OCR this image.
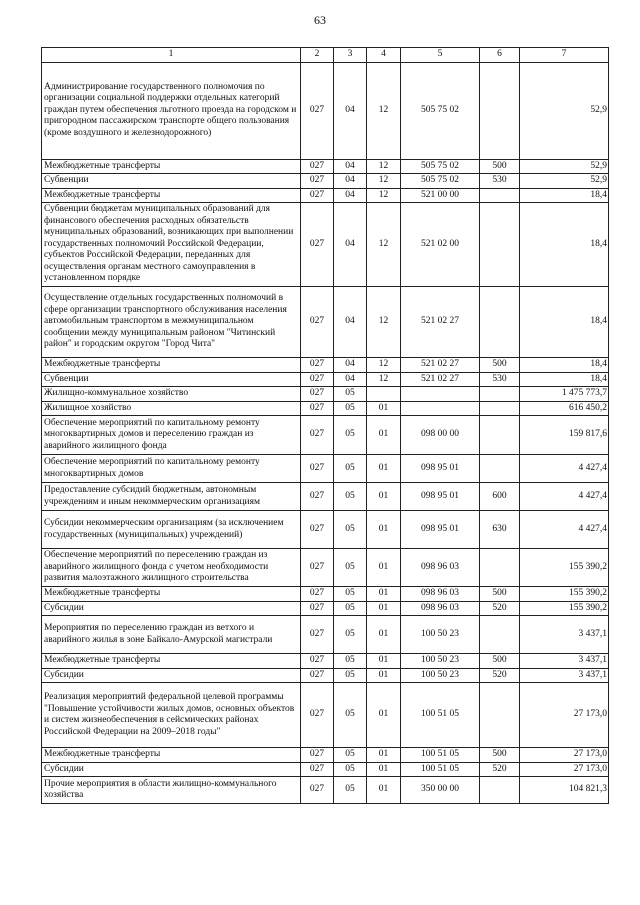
63
1	2	3	4	5	6	7
Администрирование государственного полномочия по организации социальной поддержки отдельных категорий граждан путем обеспечения льготного проезда на городском и пригородном пассажирском транспорте общего пользования (кроме воздушного и железнодорожного)	027	04	12	505 75 02		52,9
Межбюджетные трансферты	027	04	12	505 75 02	500	52,9
Субвенции	027	04	12	505 75 02	530	52,9
Межбюджетные трансферты	027	04	12	521 00 00		18,4
Субвенции бюджетам муниципальных образований для финансового обеспечения расходных обязательств муниципальных образований, возникающих при выполнении государственных полномочий Российской Федерации, субъектов Российской Федерации, переданных для осуществления органам местного самоуправления в установленном порядке	027	04	12	521 02 00		18,4
Осуществление отдельных государственных полномочий в сфере организации транспортного обслуживания населения автомобильным транспортом в межмуниципальном сообщении между муниципальным районом "Читинский район" и городским округом "Город Чита"	027	04	12	521 02 27		18,4
Межбюджетные трансферты	027	04	12	521 02 27	500	18,4
Субвенции	027	04	12	521 02 27	530	18,4
Жилищно-коммунальное хозяйство	027	05				1 475 773,7
Жилищное хозяйство	027	05	01			616 450,2
Обеспечение мероприятий по капитальному ремонту многоквартирных домов и переселению граждан из аварийного жилищного фонда	027	05	01	098 00 00		159 817,6
Обеспечение мероприятий по капитальному ремонту многоквартирных домов	027	05	01	098 95 01		4 427,4
Предоставление субсидий бюджетным, автономным учреждениям и иным некоммерческим организациям	027	05	01	098 95 01	600	4 427,4
Субсидии некоммерческим организациям (за исключением государственных (муниципальных) учреждений)	027	05	01	098 95 01	630	4 427,4
Обеспечение мероприятий по переселению граждан из аварийного жилищного фонда с учетом необходимости развития малоэтажного жилищного строительства	027	05	01	098 96 03		155 390,2
Межбюджетные трансферты	027	05	01	098 96 03	500	155 390,2
Субсидии	027	05	01	098 96 03	520	155 390,2
Мероприятия по переселению граждан из ветхого и аварийного жилья в зоне Байкало-Амурской магистрали	027	05	01	100 50 23		3 437,1
Межбюджетные трансферты	027	05	01	100 50 23	500	3 437,1
Субсидии	027	05	01	100 50 23	520	3 437,1
Реализация мероприятий федеральной целевой программы "Повышение устойчивости жилых домов, основных объектов и систем жизнеобеспечения в сейсмических районах Российской Федерации на 2009–2018 годы"	027	05	01	100 51 05		27 173,0
Межбюджетные трансферты	027	05	01	100 51 05	500	27 173,0
Субсидии	027	05	01	100 51 05	520	27 173,0
Прочие мероприятия в области жилищно-коммунального хозяйства	027	05	01	350 00 00		104 821,3
